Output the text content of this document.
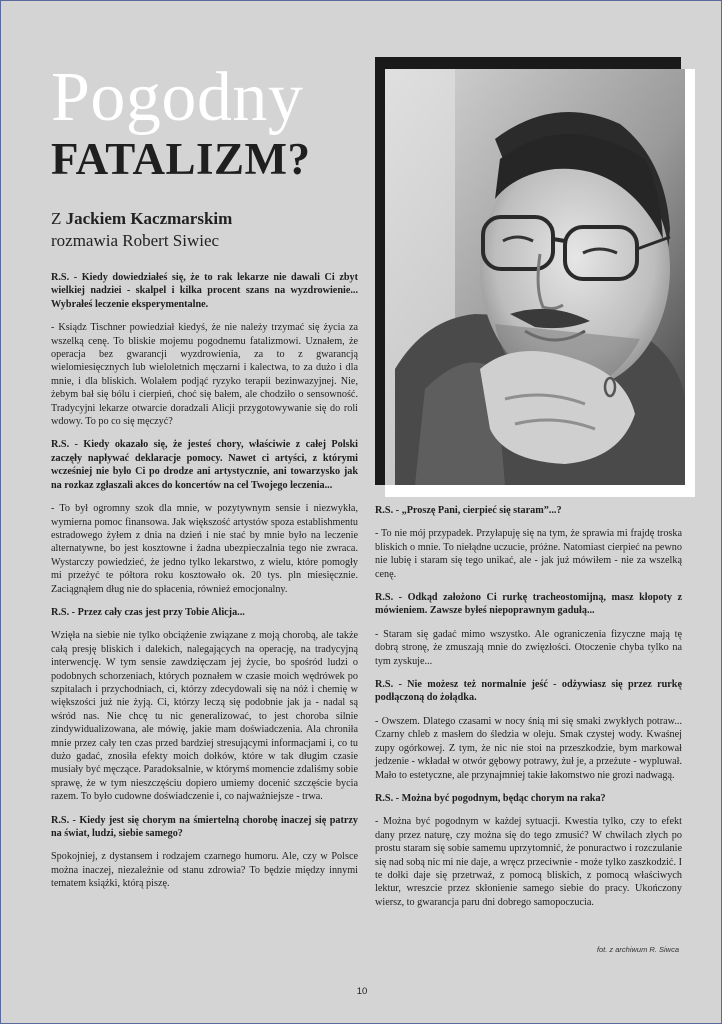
Pogodny
FATALIZM?
Z Jackiem Kaczmarskim
rozmawia Robert Siwiec

R.S. - Kiedy dowiedziałeś się, że to rak lekarze nie dawali Ci zbyt wielkiej nadziei - skalpel i kilka procent szans na wyzdrowienie... Wybrałeś leczenie eksperymentalne.

- Ksiądz Tischner powiedział kiedyś, że nie należy trzymać się życia za wszelką cenę. To bliskie mojemu pogodnemu fatalizmowi. Uznałem, że operacja bez gwarancji wyzdrowienia, za to z gwarancją wielomiesięcznych lub wieloletnich męczarni i kalectwa, to za dużo i dla mnie, i dla bliskich. Wolałem podjąć ryzyko terapii bezinwazyjnej. Nie, żebym bał się bólu i cierpień, choć się bałem, ale chodziło o sensowność. Tradycyjni lekarze otwarcie doradzali Alicji przygotowywanie się do roli wdowy. To po co się męczyć?

R.S. - Kiedy okazało się, że jesteś chory, właściwie z całej Polski zaczęły napływać deklaracje pomocy. Nawet ci artyści, z którymi wcześniej nie było Ci po drodze ani artystycznie, ani towarzysko jak na rozkaz zgłaszali akces do koncertów na cel Twojego leczenia...

- To był ogromny szok dla mnie, w pozytywnym sensie i niezwykła, wymierna pomoc finansowa. Jak większość artystów spoza establishmentu estradowego żyłem z dnia na dzień i nie stać by mnie było na leczenie alternatywne, bo jest kosztowne i żadna ubezpieczalnia tego nie zwraca. Wystarczy powiedzieć, że jedno tylko lekarstwo, z wielu, które pomogły mi przeżyć te półtora roku kosztowało ok. 20 tys. pln miesięcznie. Zaciągnąłem dług nie do spłacenia, również emocjonalny.

R.S. - Przez cały czas jest przy Tobie Alicja...

Wzięła na siebie nie tylko obciążenie związane z moją chorobą, ale także całą presję bliskich i dalekich, nalegających na operację, na tradycyjną interwencję. W tym sensie zawdzięczam jej życie, bo spośród ludzi o podobnych schorzeniach, których poznałem w czasie moich wędrówek po szpitalach i przychodniach, ci, którzy zdecydowali się na nóż i chemię w większości już nie żyją. Ci, którzy leczą się podobnie jak ja - nadal są wśród nas. Nie chcę tu nic generalizować, to jest choroba silnie zindywidualizowana, ale mówię, jakie mam doświadczenia. Ala chroniła mnie przez cały ten czas przed bardziej stresującymi informacjami i, co tu dużo gadać, znosiła efekty moich dołków, które w tak długim czasie musiały być męczące. Paradoksalnie, w którymś momencie zdaliśmy sobie sprawę, że w tym nieszczęściu dopiero umiemy docenić szczęście bycia razem. To było cudowne doświadczenie i, co najważniejsze - trwa.

R.S. - Kiedy jest się chorym na śmiertelną chorobę inaczej się patrzy na świat, ludzi, siebie samego?

Spokojniej, z dystansem i rodzajem czarnego humoru. Ale, czy w Polsce można inaczej, niezależnie od stanu zdrowia? To będzie między innymi tematem książki, którą piszę.

R.S. - „Proszę Pani, cierpieć się staram”...?

- To nie mój przypadek. Przyłapuję się na tym, że sprawia mi frajdę troska bliskich o mnie. To niełądne uczucie, próżne. Natomiast cierpieć na pewno nie lubię i staram się tego unikać, ale - jak już mówiłem - nie za wszelką cenę.

R.S. - Odkąd założono Ci rurkę tracheostomijną, masz kłopoty z mówieniem. Zawsze byłeś niepoprawnym gadułą...

- Staram się gadać mimo wszystko. Ale ograniczenia fizyczne mają tę dobrą stronę, że zmuszają mnie do zwięzłości. Otoczenie chyba tylko na tym zyskuje...

R.S. - Nie możesz też normalnie jeść - odżywiasz się przez rurkę podłączoną do żołądka.

- Owszem. Dlatego czasami w nocy śnią mi się smaki zwykłych potraw... Czarny chleb z masłem do śledzia w oleju. Smak czystej wody. Kwaśnej zupy ogórkowej. Z tym, że nic nie stoi na przeszkodzie, bym markował jedzenie - wkładał w otwór gębowy potrawy, żuł je, a przeżute - wypluwał. Mało to estetyczne, ale przynajmniej takie łakomstwo nie grozi nadwagą.

R.S. - Można być pogodnym, będąc chorym na raka?

- Można być pogodnym w każdej sytuacji. Kwestia tylko, czy to efekt dany przez naturę, czy można się do tego zmusić? W chwilach złych po prostu staram się sobie samemu uprzytomnić, że ponuractwo i rozczulanie się nad sobą nic mi nie daje, a wręcz przeciwnie - może tylko zaszkodzić. I te dołki daje się przetrważ, z pomocą bliskich, z pomocą właściwych lektur, wreszcie przez skłonienie samego siebie do pracy. Ukończony wiersz, to gwarancja paru dni dobrego samopoczucia.

fot. z archiwum R. Siwca
10
